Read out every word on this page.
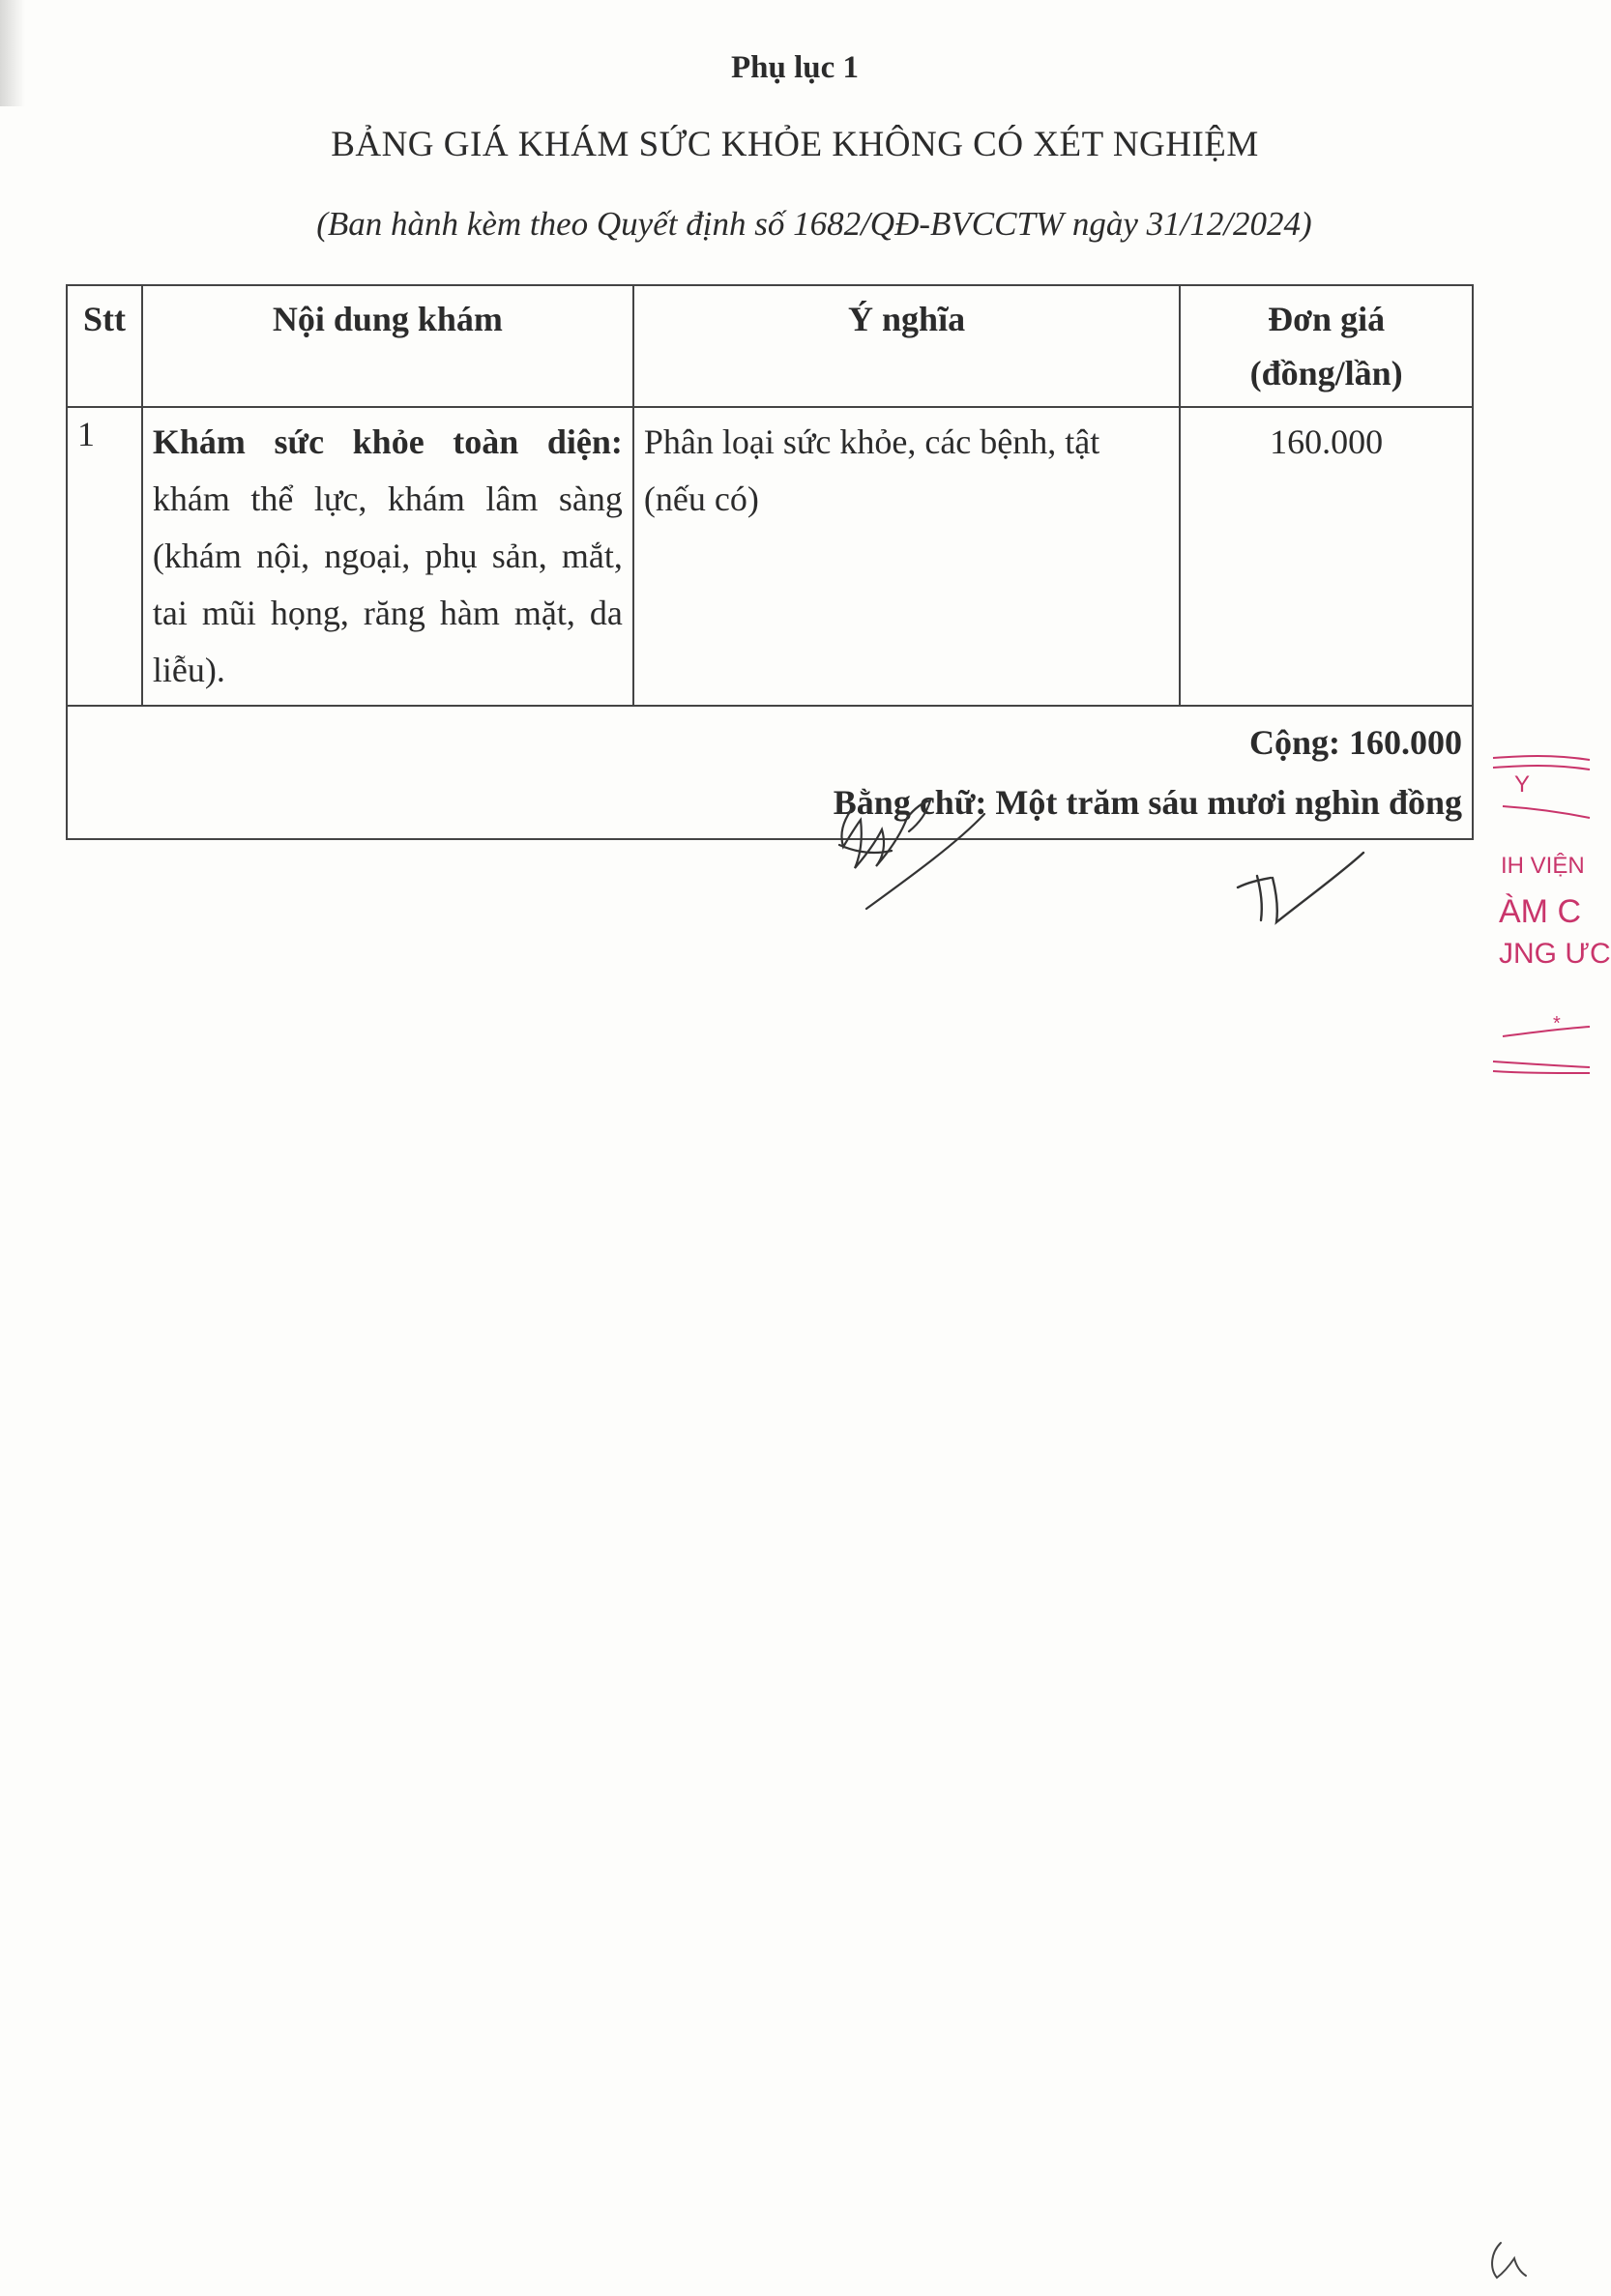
Phụ lục 1
BẢNG GIÁ KHÁM SỨC KHỎE KHÔNG CÓ XÉT NGHIỆM
(Ban hành kèm theo Quyết định số 1682/QĐ-BVCCTW ngày 31/12/2024)
Stt	Nội dung khám	Ý nghĩa	Đơn giá
(đồng/lần)
1	Khám sức khỏe toàn diện: khám thể lực, khám lâm sàng (khám nội, ngoại, phụ sản, mắt, tai mũi họng, răng hàm mặt, da liễu).	Phân loại sức khỏe, các bệnh, tật (nếu có)	160.000
Cộng: 160.000
Bằng chữ: Một trăm sáu mươi nghìn đồng			Y
IH VIỆN
ÀM C
JNG ƯC
*
